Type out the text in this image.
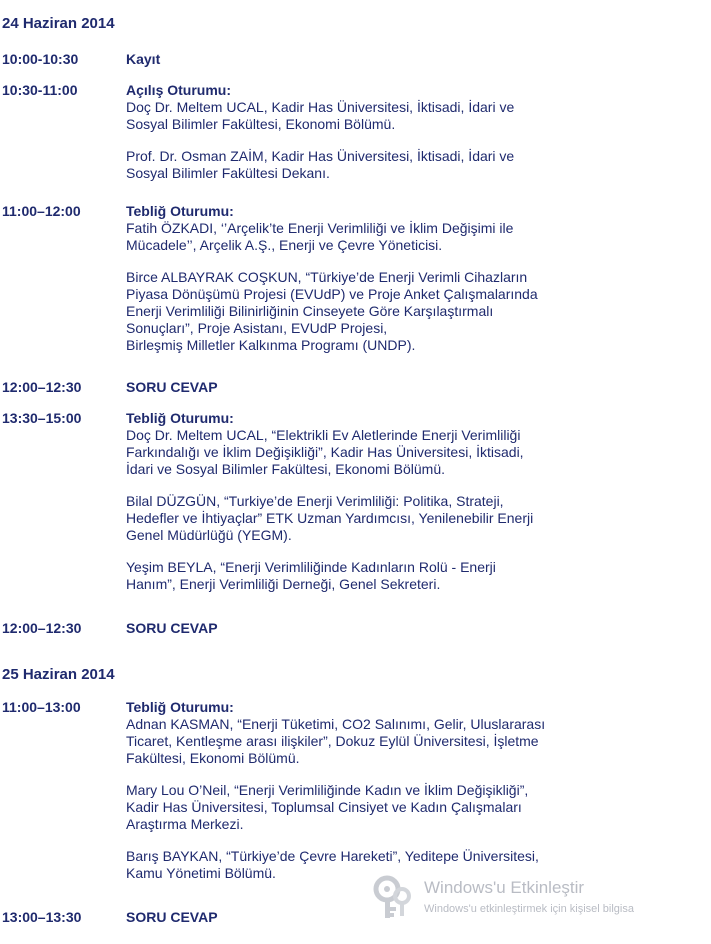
24 Haziran 2014
10:00-10:30	Kayıt
10:30-11:00	Açılış Oturumu:
Doç Dr. Meltem UCAL, Kadir Has Üniversitesi, İktisadi, İdari ve
Sosyal Bilimler Fakültesi, Ekonomi Bölümü.
Prof. Dr. Osman ZAİM, Kadir Has Üniversitesi, İktisadi, İdari ve
Sosyal Bilimler Fakültesi Dekanı.
11:00–12:00	Tebliğ Oturumu:
Fatih ÖZKADI, ‘’Arçelik’te Enerji Verimliliği ve İklim Değişimi ile
Mücadele’’, Arçelik A.Ş., Enerji ve Çevre Yöneticisi.
Birce ALBAYRAK COŞKUN, “Türkiye’de Enerji Verimli Cihazların
Piyasa Dönüşümü Projesi (EVUdP) ve Proje Anket Çalışmalarında
Enerji Verimliliği Bilinirliğinin Cinseyete Göre Karşılaştırmalı
Sonuçları”, Proje Asistanı, EVUdP Projesi,
Birleşmiş Milletler Kalkınma Programı (UNDP).
12:00–12:30	SORU CEVAP
13:30–15:00	Tebliğ Oturumu:
Doç Dr. Meltem UCAL, “Elektrikli Ev Aletlerinde Enerji Verimliliği
Farkındalığı ve İklim Değişikliği”, Kadir Has Üniversitesi, İktisadi,
İdari ve Sosyal Bilimler Fakültesi, Ekonomi Bölümü.
Bilal DÜZGÜN, “Turkiye’de Enerji Verimliliği: Politika, Strateji,
Hedefler ve İhtiyaçlar” ETK Uzman Yardımcısı, Yenilenebilir Enerji
Genel Müdürlüğü (YEGM).
Yeşim BEYLA, “Enerji Verimliliğinde Kadınların Rolü - Enerji
Hanım”, Enerji Verimliliği Derneği, Genel Sekreteri.
12:00–12:30	SORU CEVAP
25 Haziran 2014
11:00–13:00	Tebliğ Oturumu:
Adnan KASMAN, “Enerji Tüketimi, CO2 Salınımı, Gelir, Uluslararası
Ticaret, Kentleşme arası ilişkiler”, Dokuz Eylül Üniversitesi, İşletme
Fakültesi, Ekonomi Bölümü.
Mary Lou O’Neil, “Enerji Verimliliğinde Kadın ve İklim Değişikliği”,
Kadir Has Üniversitesi, Toplumsal Cinsiyet ve Kadın Çalışmaları
Araştırma Merkezi.
Barış BAYKAN, “Türkiye’de Çevre Hareketi”, Yeditepe Üniversitesi,
Kamu Yönetimi Bölümü.
13:00–13:30	SORU CEVAP
Windows'u Etkinleştir
Windows'u etkinleştirmek için kişisel bilgisa
